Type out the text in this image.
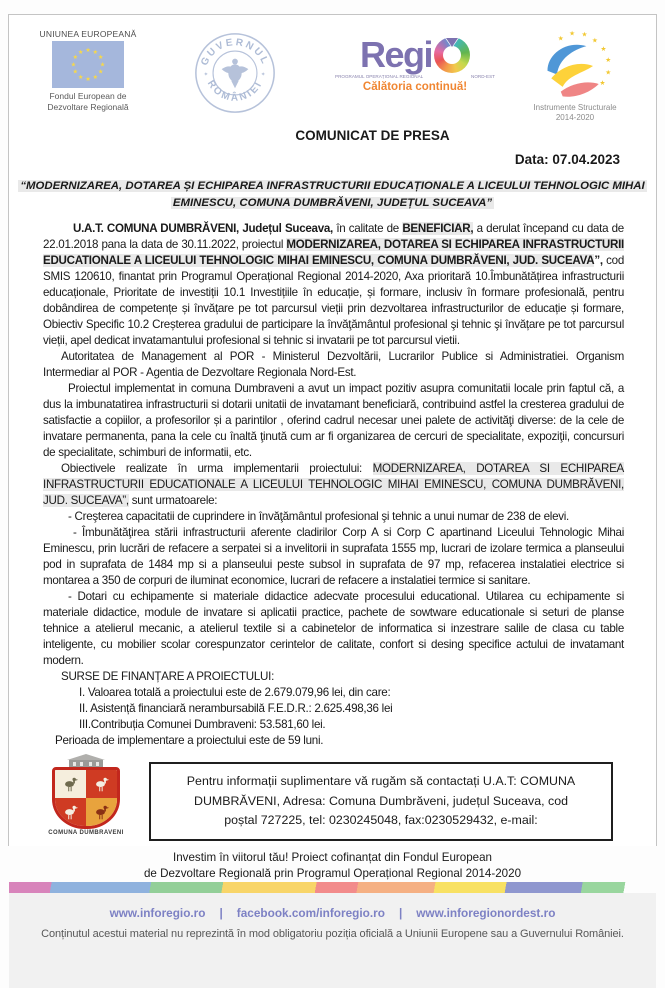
UNIUNEA EUROPEANĂ
★ ★
★
★
★
★
★
★
★
★
★
★
Fondul European de
Dezvoltare Regională
GUVERNUL
ROMÂNIEI
✦	✦	Regi
PROGRAMUL OPERAȚIONAL REGIONAL	NORD-EST
Călătoria continuă!
★
★ ★
★
★
★
★
★
Instrumente Structurale
2014-2020
COMUNICAT DE PRESA
Data: 07.04.2023
“MODERNIZAREA, DOTAREA ȘI ECHIPAREA INFRASTRUCTURII EDUCAȚIONALE A LICEULUI TEHNOLOGIC MIHAI
EMINESCU, COMUNA DUMBRĂVENI, JUDEȚUL SUCEAVA”

U.A.T. COMUNA DUMBRĂVENI, Județul Suceava, în calitate de BENEFICIAR, a derulat începand cu data de 22.01.2018 pana la data de 30.11.2022, proiectul MODERNIZAREA, DOTAREA SI ECHIPAREA INFRASTRUCTURII EDUCATIONALE A LICEULUI TEHNOLOGIC MIHAI EMINESCU, COMUNA DUMBRĂVENI, JUD. SUCEAVA”, cod SMIS 120610, finantat prin Programul Operațional Regional 2014-2020, Axa prioritară 10.Îmbunătățirea infrastructurii educaționale, Prioritate de investiții 10.1 Investițiile în educație, și formare, inclusiv în formare profesională, pentru dobândirea de competențe și învățare pe tot parcursul vieții prin dezvoltarea infrastructurilor de educație și formare, Obiectiv Specific 10.2 Creșterea gradului de participare la învăţământul profesional şi tehnic şi învățare pe tot parcursul vieții, apel dedicat invatamantului profesional si tehnic si invatarii pe tot parcursul vietii.

Autoritatea de Management al POR - Ministerul Dezvoltării, Lucrarilor Publice si Administratiei. Organism Intermediar al POR - Agentia de Dezvoltare Regionala Nord-Est.

Proiectul implementat in comuna Dumbraveni a avut un impact pozitiv asupra comunitatii locale prin faptul că, a dus la imbunatatirea infrastructurii si dotarii unitatii de invatamant beneficiară, contribuind astfel la cresterea gradului de satisfactie a copiilor, a profesorilor și a parintilor , oferind cadrul necesar unei palete de activităţi diverse: de la cele de invatare permanenta, pana la cele cu înaltă ţinută cum ar fi organizarea de cercuri de specialitate, expoziţii, concursuri de specialitate, schimburi de informatii, etc.

Obiectivele realizate în urma implementarii proiectului: MODERNIZAREA, DOTAREA SI ECHIPAREA INFRASTRUCTURII EDUCATIONALE A LICEULUI TEHNOLOGIC MIHAI EMINESCU, COMUNA DUMBRĂVENI, JUD. SUCEAVA”, sunt urmatoarele:

- Creşterea capacitatii de cuprindere in învăţământul profesional şi tehnic a unui numar de 238 de elevi.

- Îmbunătăţirea stării infrastructurii aferente cladirilor Corp A si Corp C apartinand Liceului Tehnologic Mihai Eminescu, prin lucrări de refacere a serpatei si a invelitorii in suprafata 1555 mp, lucrari de izolare termica a planseului pod in suprafata de 1484 mp si a planseului peste subsol in suprafata de 97 mp, refacerea instalatiei electrice si montarea a 350 de corpuri de iluminat economice, lucrari de refacere a instalatiei termice si sanitare.

- Dotari cu echipamente si materiale didactice adecvate procesului educational. Utilarea cu echipamente si materiale didactice, module de invatare si aplicatii practice, pachete de sowtware educationale si seturi de planse tehnice a atelierul mecanic, a atelierul textile si a cabinetelor de informatica si inzestrare salile de clasa cu table inteligente, cu mobilier scolar corespunzator cerintelor de calitate, confort si desing specifice actului de invatamant modern.

SURSE DE FINANȚARE A PROIECTULUI:

I. Valoarea totală a proiectului este de 2.679.079,96 lei, din care:

II. Asistență financiară nerambursabilă F.E.D.R.: 2.625.498,36 lei

III.Contribuția Comunei Dumbraveni: 53.581,60 lei.

Perioada de implementare a proiectului este de 59 luni.

COMUNA DUMBRAVENI
Pentru informații suplimentare vă rugăm să contactați U.A.T: COMUNA DUMBRĂVENI, Adresa: Comuna Dumbrăveni, județul Suceava, cod poștal 727225, tel: 0230245048, fax:0230529432, e-mail:
Investim în viitorul tău! Proiect cofinanțat din Fondul European
de Dezvoltare Regională prin Programul Operațional Regional 2014-2020
www.inforegio.ro | facebook.com/inforegio.ro | www.inforegionordest.ro
Conținutul acestui material nu reprezintă în mod obligatoriu poziția oficială a Uniunii Europene sau a Guvernului României.
